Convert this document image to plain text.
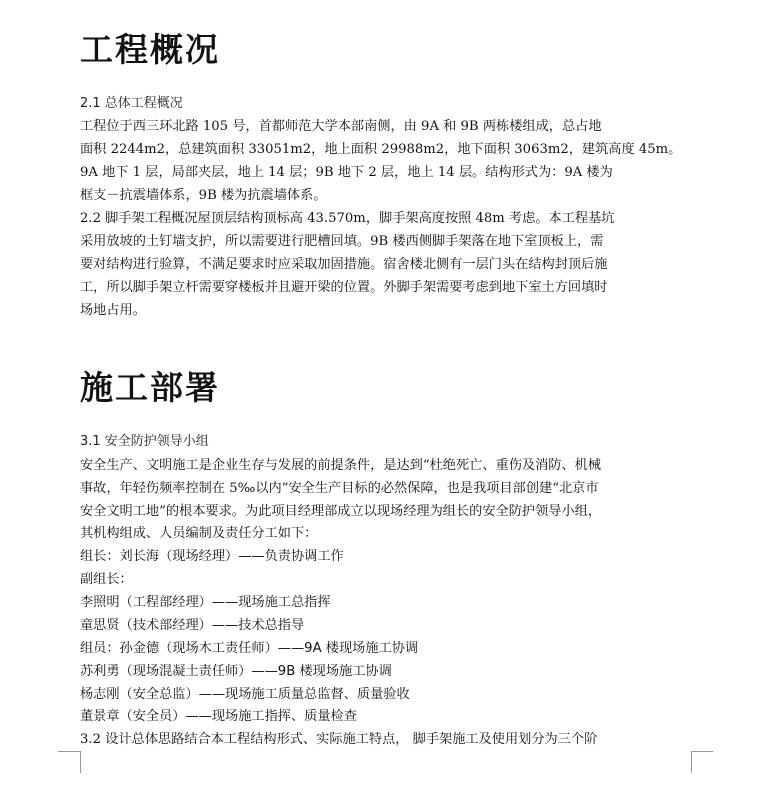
工程概况
2.1 总体工程概况
工程位于西三环北路 105 号，首都师范大学本部南侧，由 9A 和 9B 两栋楼组成，总占地
面积 2244m2，总建筑面积 33051m2，地上面积 29988m2，地下面积 3063m2，建筑高度 45m。
9A 地下 1 层，局部夹层，地上 14 层；9B 地下 2 层，地上 14 层。结构形式为：9A 楼为
框支－抗震墙体系，9B 楼为抗震墙体系。
2.2 脚手架工程概况屋顶层结构顶标高 43.570m，脚手架高度按照 48m 考虑。本工程基坑
采用放坡的土钉墙支护，所以需要进行肥槽回填。9B 楼西侧脚手架落在地下室顶板上，需
要对结构进行验算，不满足要求时应采取加固措施。宿舍楼北侧有一层门头在结构封顶后施
工，所以脚手架立杆需要穿楼板并且避开梁的位置。外脚手架需要考虑到地下室土方回填时
场地占用。
施工部署
3.1 安全防护领导小组
安全生产、文明施工是企业生存与发展的前提条件，是达到“杜绝死亡、重伤及消防、机械
事故，年轻伤频率控制在 5‰以内”安全生产目标的必然保障，也是我项目部创建“北京市
安全文明工地”的根本要求。为此项目经理部成立以现场经理为组长的安全防护领导小组，
其机构组成、人员编制及责任分工如下：
组长：刘长海（现场经理）——负责协调工作
副组长：
李照明（工程部经理）——现场施工总指挥
童思贤（技术部经理）——技术总指导
组员：孙金德（现场木工责任师）——9A 楼现场施工协调
苏利勇（现场混凝土责任师）——9B 楼现场施工协调
杨志刚（安全总监）——现场施工质量总监督、质量验收
董景章（安全员）——现场施工指挥、质量检查
3.2 设计总体思路结合本工程结构形式、实际施工特点， 脚手架施工及使用划分为三个阶
